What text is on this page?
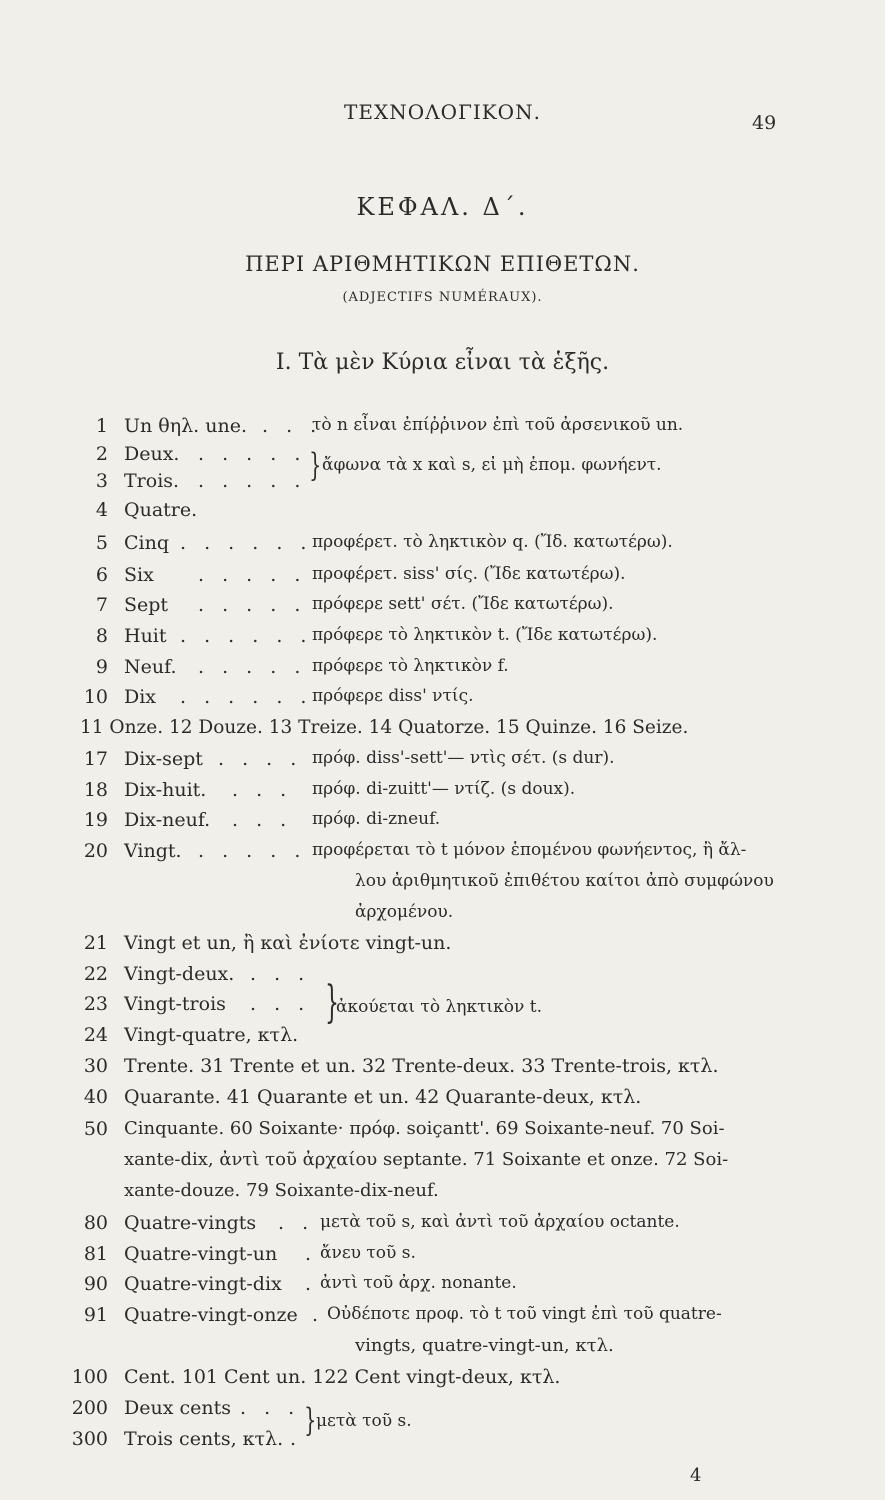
ΤΕΧΝΟΛΟΓΙΚΟΝ.	49
ΚΕΦΑΛ. Δ΄.
ΠΕΡΙ ΑΡΙΘΜΗΤΙΚΩΝ ΕΠΙΘΕΤΩΝ.
(ADJECTIFS NUMÉRAUX).
I. Τὰ μὲν Κύρια εἶναι τὰ ἑξῆς.
1 Un θηλ. une. . . .
τὸ n εἶναι ἐπίῤῥινον ἐπὶ τοῦ ἀρσενικοῦ un.
2 Deux. . . . . .
3 Trois. . . . . . } ἄφωνα τὰ x καὶ s, εἰ μὴ ἑπομ. φωνήεντ.
4 Quatre.
5 Cinq . . . . . . προφέρετ. τὸ ληκτικὸν q. (Ἴδ. κατωτέρω).
6 Six . . . . . προφέρετ. siss' σίς. (Ἴδε κατωτέρω).
7 Sept . . . . . πρόφερε sett' σέτ. (Ἴδε κατωτέρω).
8 Huit . . . . . . πρόφερε τὸ ληκτικὸν t. (Ἴδε κατωτέρω).
9 Neuf. . . . . . πρόφερε τὸ ληκτικὸν f.
10 Dix . . . . . . πρόφερε diss' ντίς.
11 Onze. 12 Douze. 13 Treize. 14 Quatorze. 15 Quinze. 16 Seize.
17 Dix-sept . . . . πρόφ. diss'-sett'— ντὶς σέτ. (s dur).
18 Dix-huit. . . . πρόφ. di-zuitt'— ντίζ. (s doux).
19 Dix-neuf. . . . πρόφ. di-zneuf.
20 Vingt. . . . . . προφέρεται τὸ t μόνον ἑπομένου φωνήεντος, ἢ ἄλ-
λου ἀριθμητικοῦ ἐπιθέτου καίτοι ἀπὸ συμφώνου
ἀρχομένου.
21 Vingt et un, ἢ καὶ ἐνίοτε vingt-un.
22 Vingt-deux. . . .
23 Vingt-trois . . .
24 Vingt-quatre, κτλ.
}
ἀκούεται τὸ ληκτικὸν t.
30 Trente. 31 Trente et un. 32 Trente-deux. 33 Trente-trois, κτλ.
40 Quarante. 41 Quarante et un. 42 Quarante-deux, κτλ.
50 Cinquante. 60 Soixante· πρόφ. soiçantt'. 69 Soixante-neuf. 70 Soi-
xante-dix, ἀντὶ τοῦ ἀρχαίου septante. 71 Soixante et onze. 72 Soi-
xante-douze. 79 Soixante-dix-neuf.
80 Quatre-vingts . . μετὰ τοῦ s, καὶ ἀντὶ τοῦ ἀρχαίου octante.
81 Quatre-vingt-un . ἄνευ τοῦ s.
90 Quatre-vingt-dix . ἀντὶ τοῦ ἀρχ. nonante.
91 Quatre-vingt-onze . Οὐδέποτε προφ. τὸ t τοῦ vingt ἐπὶ τοῦ quatre-
vingts, quatre-vingt-un, κτλ.
100 Cent. 101 Cent un. 122 Cent vingt-deux, κτλ.
200 Deux cents . . .
300 Trois cents, κτλ. . } μετὰ τοῦ s.
4
